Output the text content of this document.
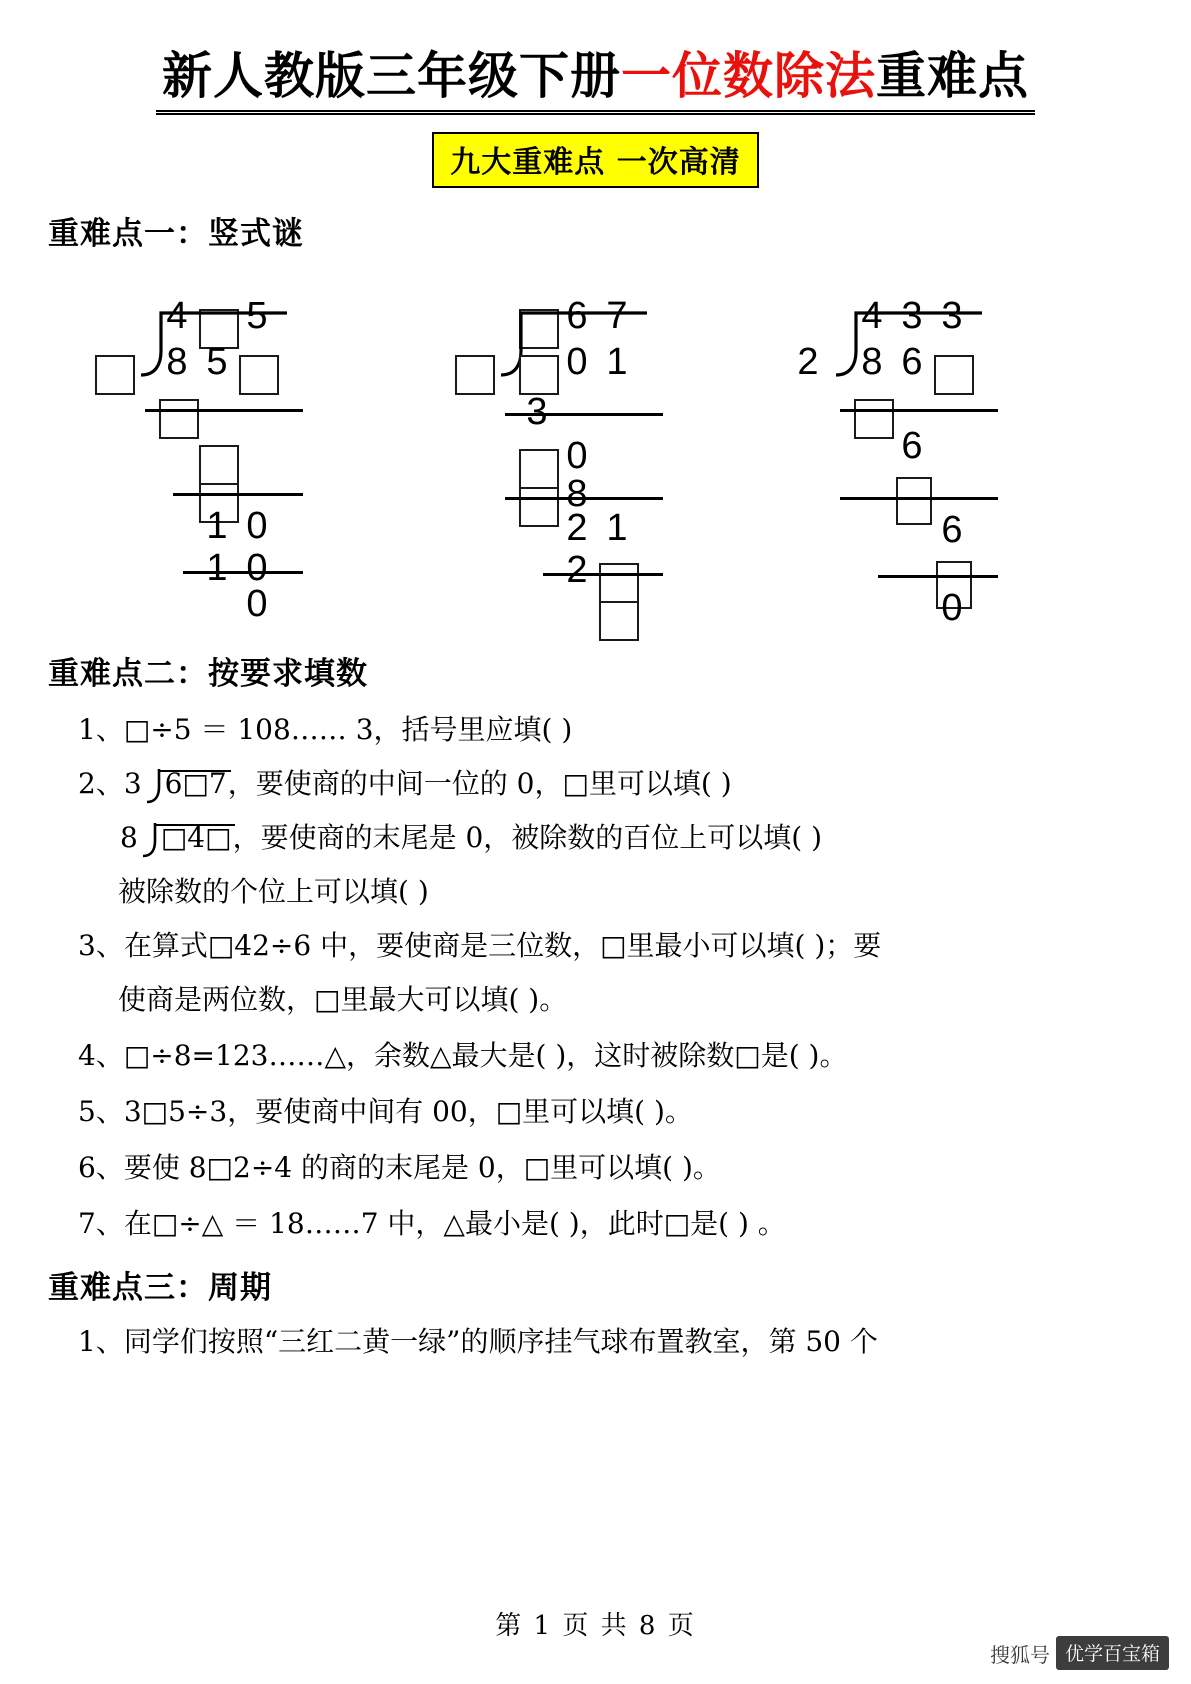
新人教版三年级下册一位数除法重难点
九大重难点 一次高清
重难点一：竖式谜
4 5
8 5
1 0
1 0
0
6 7
0 1
3
0
8
2 1
2
4 3 3
2 8 6
6
6
0
重难点二：按要求填数
1、□÷5 ＝ 108…… 3，括号里应填( )
2、3 6□7，要使商的中间一位的 0，□里可以填( )
8 □4□，要使商的末尾是 0，被除数的百位上可以填( )
被除数的个位上可以填( )
3、在算式□42÷6 中，要使商是三位数，□里最小可以填( )；要
使商是两位数，□里最大可以填( )。
4、□÷8=123……△，余数△最大是( )，这时被除数□是( )。
5、3□5÷3，要使商中间有 00，□里可以填( )。
6、要使 8□2÷4 的商的末尾是 0，□里可以填( )。
7、在□÷△ ＝ 18……7 中，△最小是( )，此时□是( ) 。
重难点三：周期
1、同学们按照“三红二黄一绿”的顺序挂气球布置教室，第 50 个
第 1 页 共 8 页
搜狐号 优学百宝箱
